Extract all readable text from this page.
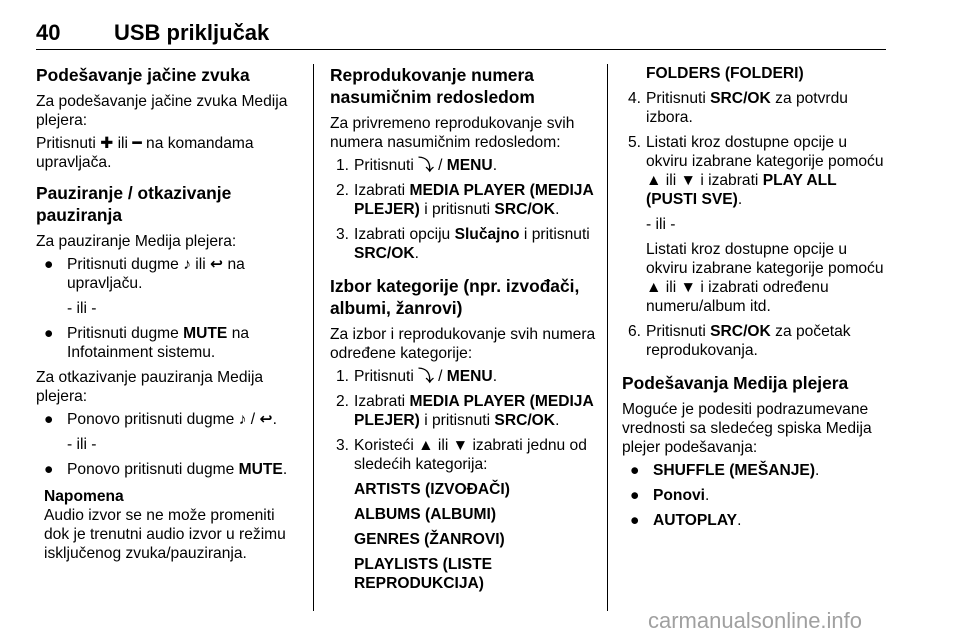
40 USB priključak
Podešavanje jačine zvuka

Za podešavanje jačine zvuka Medija plejera:

Pritisnuti ✚ ili ━ na komandama upravljača.

Pauziranje / otkazivanje pauziranja

Za pauziranje Medija plejera:

● Pritisnuti dugme ♪ ili ↩ na upravljaču.
- ili -
● Pritisnuti dugme MUTE na Infotainment sistemu.

Za otkazivanje pauziranja Medija plejera:

● Ponovo pritisnuti dugme ♪ / ↩.
- ili -
● Ponovo pritisnuti dugme MUTE.
Napomena
Audio izvor se ne može promeniti dok je trenutni audio izvor u režimu isključenog zvuka/pauziranja.
Reprodukovanje numera nasumičnim redosledom

Za privremeno reprodukovanje svih numera nasumičnim redosledom:

1. Pritisnuti ⤵ / MENU.
2. Izabrati MEDIA PLAYER (MEDIJA PLEJER) i pritisnuti SRC/OK.
3. Izabrati opciju Slučajno i pritisnuti SRC/OK.
Izbor kategorije (npr. izvođači, albumi, žanrovi)

Za izbor i reprodukovanje svih numera određene kategorije:

1. Pritisnuti ⤵ / MENU.
2. Izabrati MEDIA PLAYER (MEDIJA PLEJER) i pritisnuti SRC/OK.
3. Koristeći ▲ ili ▼ izabrati jednu od sledećih kategorija:
ARTISTS (IZVOĐAČI)
ALBUMS (ALBUMI)
GENRES (ŽANROVI)
PLAYLISTS (LISTE REPRODUKCIJA)
FOLDERS (FOLDERI)
4. Pritisnuti SRC/OK za potvrdu izbora.
5. Listati kroz dostupne opcije u okviru izabrane kategorije pomoću ▲ ili ▼ i izabrati PLAY ALL (PUSTI SVE).
- ili -
Listati kroz dostupne opcije u okviru izabrane kategorije pomoću ▲ ili ▼ i izabrati određenu numeru/album itd.
6. Pritisnuti SRC/OK za početak reprodukovanja.
Podešavanja Medija plejera

Moguće je podesiti podrazumevane vrednosti sa sledećeg spiska Medija plejer podešavanja:

● SHUFFLE (MEŠANJE).
● Ponovi.
● AUTOPLAY.
carmanualsonline.info
